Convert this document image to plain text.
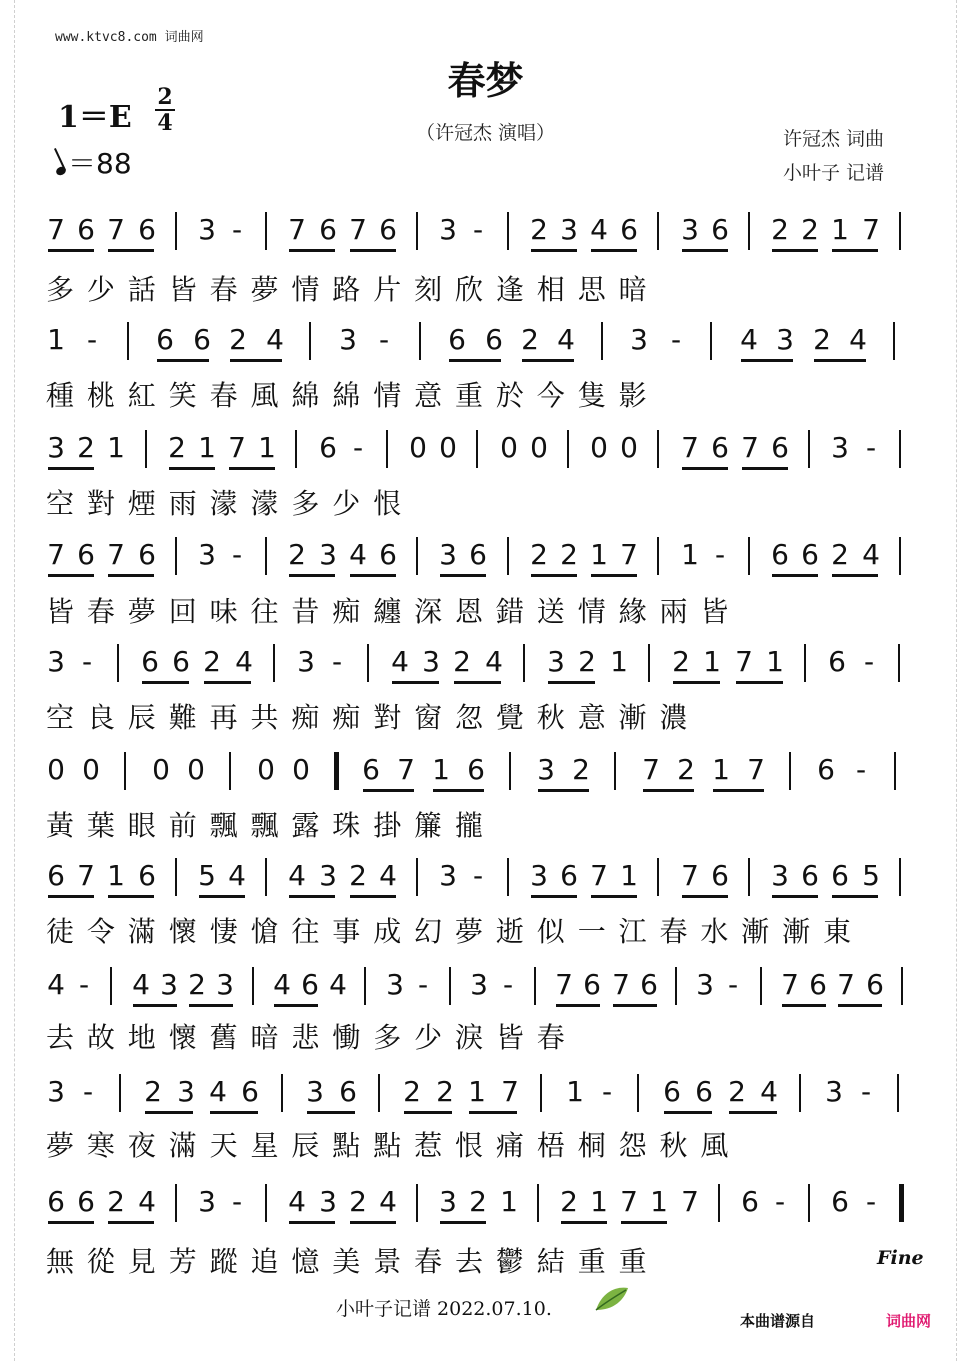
www.ktvc8.com 词曲网
春梦
（许冠杰 演唱）
1＝E
2
4
＝88
许冠杰 词曲
小叶子 记谱
7 6 7 6 3 - 7 6 7 6 3 - 2 3 4 6 3 6 2 2 1 7
1 - 6 6 2 4 3 - 6 6 2 4 3 - 4 3 2 4
3 2 1 2 1 7 1 6 - 0 0 0 0 0 0 7 6 7 6 3 -
7 6 7 6 3 - 2 3 4 6 3 6 2 2 1 7 1 - 6 6 2 4
3 - 6 6 2 4 3 - 4 3 2 4 3 2 1 2 1 7 1 6 -
0 0 0 0 0 0 6 7 1 6 3 2 7 2 1 7 6 -
6 7 1 6 5 4 4 3 2 4 3 - 3 6 7 1 7 6 3 6 6 5
4 - 4 3 2 3 4 6 4 3 - 3 - 7 6 7 6 3 - 7 6 7 6
3 - 2 3 4 6 3 6 2 2 1 7 1 - 6 6 2 4 3 -
6 6 2 4 3 - 4 3 2 4 3 2 1 2 1 7 1 7 6 - 6 -
多 少 話 皆 春 夢 情 路 片 刻 欣 逢 相 思 暗
種 桃 紅 笑 春 風 綿 綿 情 意 重 於 今 隻 影
空 對 煙 雨 濛 濛 多 少 恨
皆 春 夢 回 味 往 昔 痴 纏 深 恩 錯 送 情 緣 兩 皆
空 良 辰 難 再 共 痴 痴 對 窗 忽 覺 秋 意 漸 濃
黃 葉 眼 前 飄 飄 露 珠 掛 簾 攏
徒 令 滿 懷 悽 愴 往 事 成 幻 夢 逝 似 一 江 春 水 漸 漸 東
去 故 地 懷 舊 暗 悲 慟 多 少 淚 皆 春
夢 寒 夜 滿 天 星 辰 點 點 惹 恨 痛 梧 桐 怨 秋 風
無 從 見 芳 蹤 追 憶 美 景 春 去 鬱 結 重 重	Fine
小叶子记谱 2022.07.10.
本曲谱源自	词曲网
